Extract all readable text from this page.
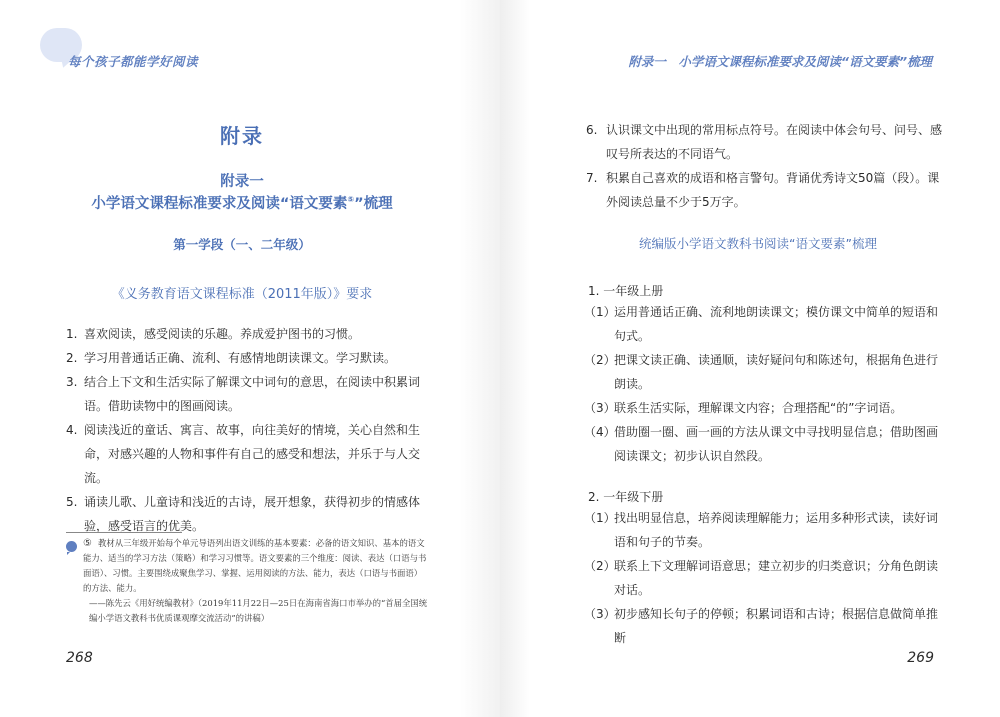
每个孩子都能学好阅读
附录
附录一
小学语文课程标准要求及阅读“语文要素⑤”梳理
第一学段（一、二年级）
《义务教育语文课程标准（2011年版）》要求
1. 喜欢阅读，感受阅读的乐趣。养成爱护图书的习惯。
2. 学习用普通话正确、流利、有感情地朗读课文。学习默读。
3. 结合上下文和生活实际了解课文中词句的意思，在阅读中积累词语。借助读物中的图画阅读。
4. 阅读浅近的童话、寓言、故事，向往美好的情境，关心自然和生命，对感兴趣的人物和事件有自己的感受和想法，并乐于与人交流。
5. 诵读儿歌、儿童诗和浅近的古诗，展开想象，获得初步的情感体验，感受语言的优美。
⑤ 教材从三年级开始每个单元导语列出语文训练的基本要素：必备的语文知识、基本的语文能力、适当的学习方法（策略）和学习习惯等。语文要素的三个维度：阅读、表达（口语与书面语）、习惯。主要围绕成聚焦学习、掌握、运用阅读的方法、能力，表达（口语与书面语）的方法、能力。
——陈先云《用好统编教材》（2019年11月22日—25日在海南省海口市举办的“首届全国统编小学语文教科书优质课观摩交流活动”的讲稿）
268
附录一　小学语文课程标准要求及阅读“语文要素”梳理
6. 认识课文中出现的常用标点符号。在阅读中体会句号、问号、感叹号所表达的不同语气。
7. 积累自己喜欢的成语和格言警句。背诵优秀诗文50篇（段）。课外阅读总量不少于5万字。
统编版小学语文教科书阅读“语文要素”梳理
1. 一年级上册
（1）
运用普通话正确、流利地朗读课文；模仿课文中简单的短语和句式。
（2）
把课文读正确、读通顺，读好疑问句和陈述句，根据角色进行朗读。
（3）
联系生活实际，理解课文内容；合理搭配“的”字词语。
（4）
借助圈一圈、画一画的方法从课文中寻找明显信息；借助图画阅读课文；初步认识自然段。
2. 一年级下册
（1）
找出明显信息，培养阅读理解能力；运用多种形式读，读好词语和句子的节奏。
（2）
联系上下文理解词语意思；建立初步的归类意识；分角色朗读对话。
（3）
初步感知长句子的停顿；积累词语和古诗；根据信息做简单推断
269
